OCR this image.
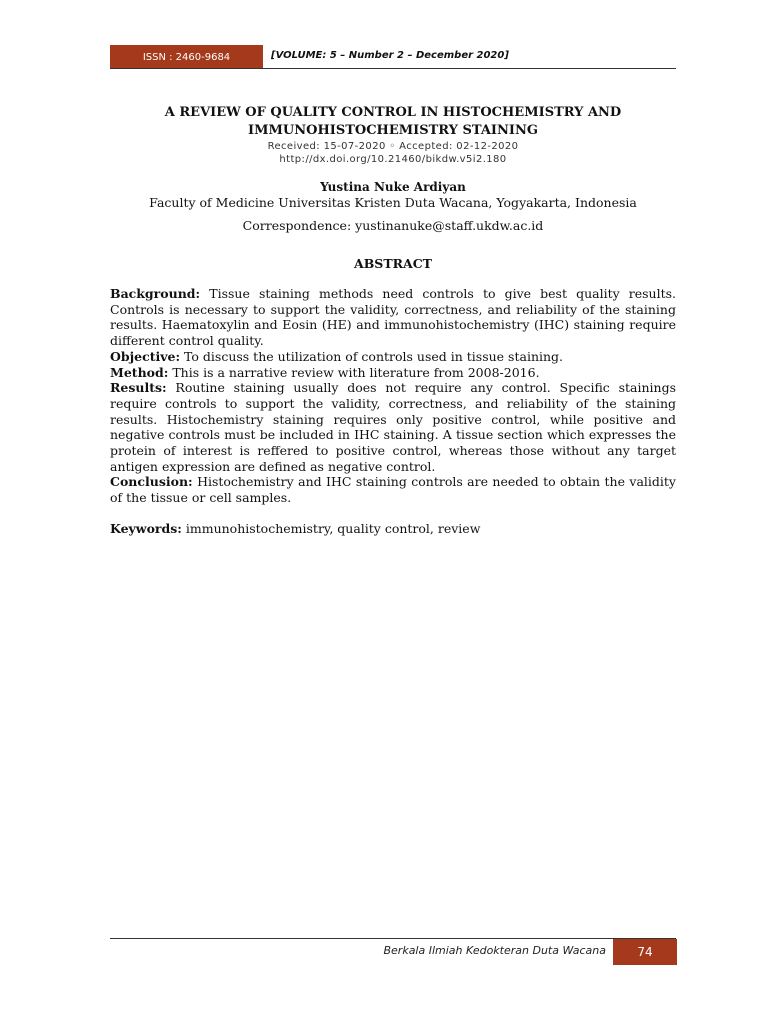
ISSN : 2460-9684	[VOLUME: 5 – Number 2 – December 2020]
A REVIEW OF QUALITY CONTROL IN HISTOCHEMISTRY AND
IMMUNOHISTOCHEMISTRY STAINING
Received: 15-07-2020 ◦ Accepted: 02-12-2020
http://dx.doi.org/10.21460/bikdw.v5i2.180
Yustina Nuke Ardiyan
Faculty of Medicine Universitas Kristen Duta Wacana, Yogyakarta, Indonesia
Correspondence: yustinanuke@staff.ukdw.ac.id
ABSTRACT

Background: Tissue staining methods need controls to give best quality results. Controls is necessary to support the validity, correctness, and reliability of the staining results. Haematoxylin and Eosin (HE) and immunohistochemistry (IHC) staining require different control quality.

Objective: To discuss the utilization of controls used in tissue staining.

Method: This is a narrative review with literature from 2008-2016.

Results: Routine staining usually does not require any control. Specific stainings require controls to support the validity, correctness, and reliability of the staining results. Histochemistry staining requires only positive control, while positive and negative controls must be included in IHC staining. A tissue section which expresses the protein of interest is reffered to positive control, whereas those without any target antigen expression are defined as negative control.

Conclusion: Histochemistry and IHC staining controls are needed to obtain the validity of the tissue or cell samples.

Keywords: immunohistochemistry, quality control, review
Berkala Ilmiah Kedokteran Duta Wacana	74
